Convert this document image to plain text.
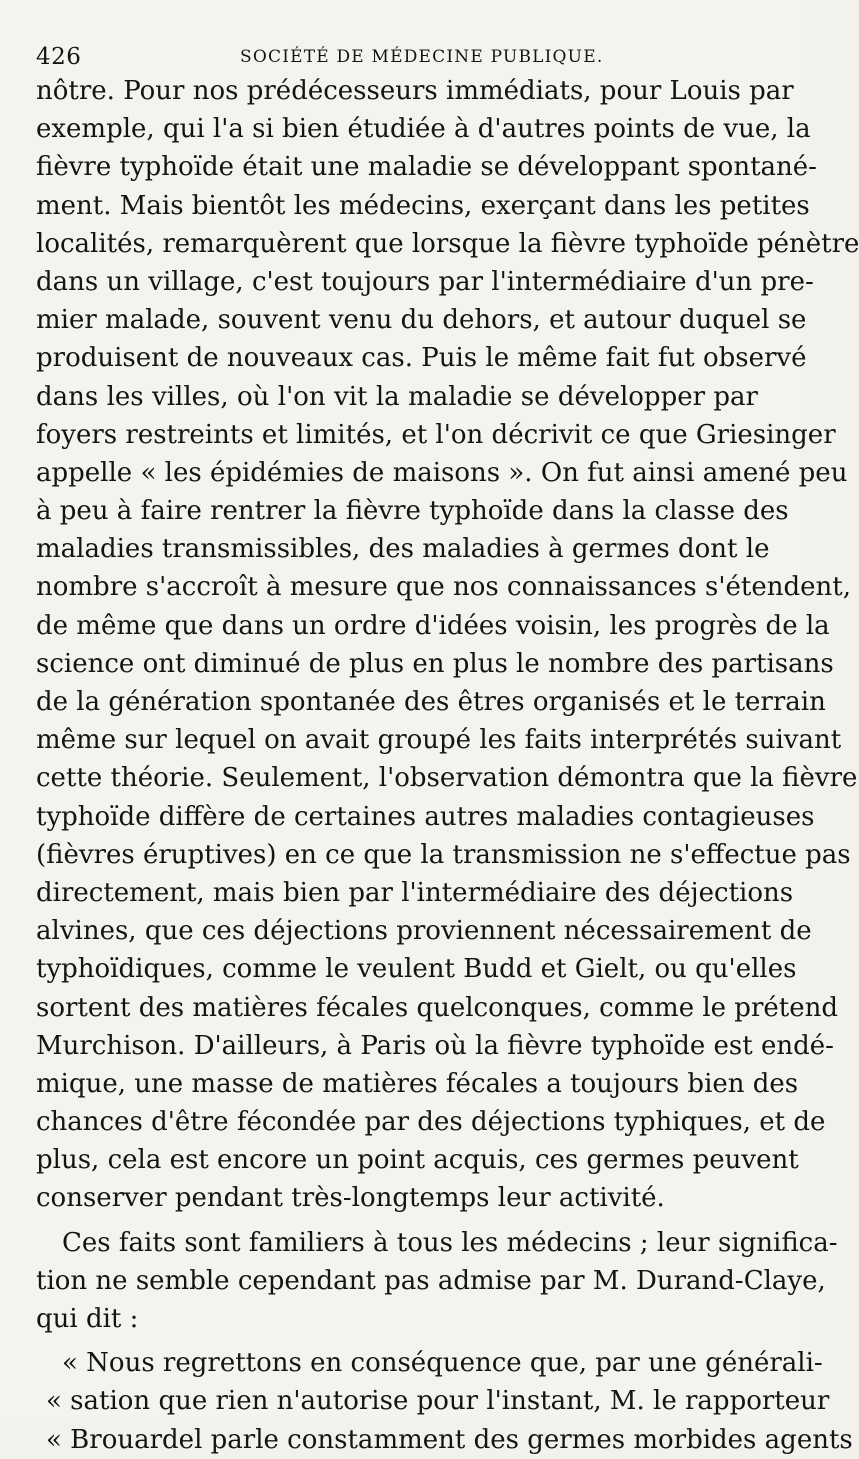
426	SOCIÉTÉ DE MÉDECINE PUBLIQUE.
nôtre. Pour nos prédécesseurs immédiats, pour Louis par
exemple, qui l'a si bien étudiée à d'autres points de vue, la
fièvre typhoïde était une maladie se développant spontané-
ment. Mais bientôt les médecins, exerçant dans les petites
localités, remarquèrent que lorsque la fièvre typhoïde pénètre
dans un village, c'est toujours par l'intermédiaire d'un pre-
mier malade, souvent venu du dehors, et autour duquel se
produisent de nouveaux cas. Puis le même fait fut observé
dans les villes, où l'on vit la maladie se développer par
foyers restreints et limités, et l'on décrivit ce que Griesinger
appelle « les épidémies de maisons ». On fut ainsi amené peu
à peu à faire rentrer la fièvre typhoïde dans la classe des
maladies transmissibles, des maladies à germes dont le
nombre s'accroît à mesure que nos connaissances s'étendent,
de même que dans un ordre d'idées voisin, les progrès de la
science ont diminué de plus en plus le nombre des partisans
de la génération spontanée des êtres organisés et le terrain
même sur lequel on avait groupé les faits interprétés suivant
cette théorie. Seulement, l'observation démontra que la fièvre
typhoïde diffère de certaines autres maladies contagieuses
(fièvres éruptives) en ce que la transmission ne s'effectue pas
directement, mais bien par l'intermédiaire des déjections
alvines, que ces déjections proviennent nécessairement de
typhoïdiques, comme le veulent Budd et Gielt, ou qu'elles
sortent des matières fécales quelconques, comme le prétend
Murchison. D'ailleurs, à Paris où la fièvre typhoïde est endé-
mique, une masse de matières fécales a toujours bien des
chances d'être fécondée par des déjections typhiques, et de
plus, cela est encore un point acquis, ces germes peuvent
conserver pendant très-longtemps leur activité.
Ces faits sont familiers à tous les médecins ; leur significa-
tion ne semble cependant pas admise par M. Durand-Claye,
qui dit :
« Nous regrettons en conséquence que, par une générali-
« sation que rien n'autorise pour l'instant, M. le rapporteur
« Brouardel parle constamment des germes morbides agents
